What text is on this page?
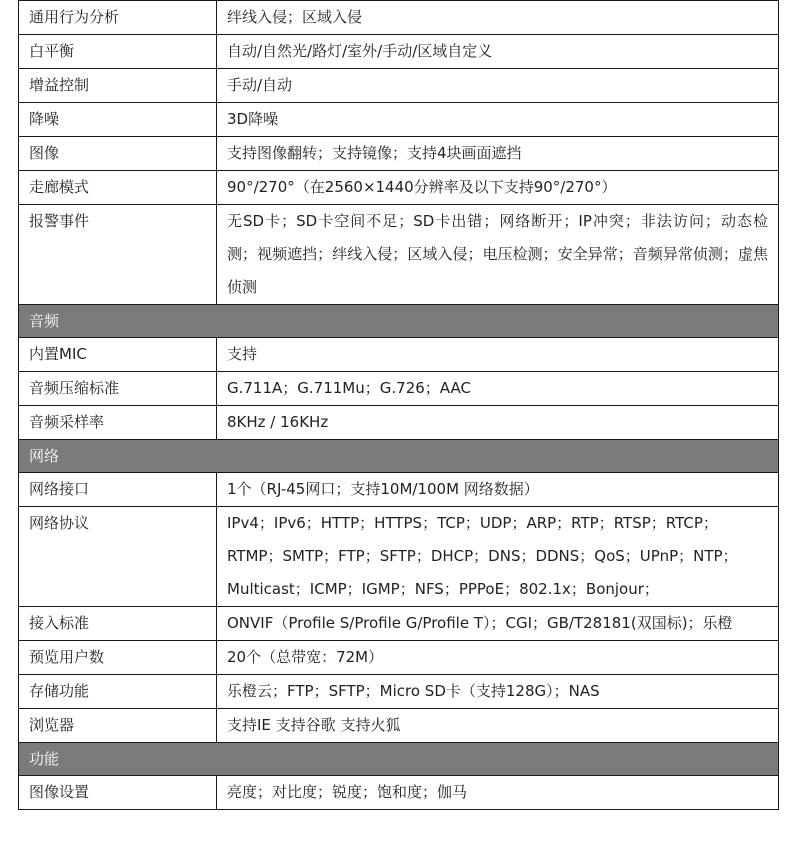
通用行为分析	绊线入侵；区域入侵
白平衡	自动/自然光/路灯/室外/手动/区域自定义
增益控制	手动/自动
降噪	3D降噪
图像	支持图像翻转；支持镜像；支持4块画面遮挡
走廊模式	90°/270°（在2560×1440分辨率及以下支持90°/270°）
报警事件	无SD卡；SD卡空间不足；SD卡出错；网络断开；IP冲突；非法访问；动态检测；视频遮挡；绊线入侵；区域入侵；电压检测；安全异常；音频异常侦测；虚焦侦测
音频	
内置MIC	支持
音频压缩标准	G.711A；G.711Mu；G.726；AAC
音频采样率	8KHz / 16KHz
网络	
网络接口	1个（RJ-45网口；支持10M/100M 网络数据）
网络协议	IPv4；IPv6；HTTP；HTTPS；TCP；UDP；ARP；RTP；RTSP；RTCP；RTMP；SMTP；FTP；SFTP；DHCP；DNS；DDNS；QoS；UPnP；NTP；Multicast；ICMP；IGMP；NFS；PPPoE；802.1x；Bonjour；
接入标准	ONVIF（Profile S/Profile G/Profile T）；CGI；GB/T28181(双国标)；乐橙
预览用户数	20个（总带宽：72M）
存储功能	乐橙云；FTP；SFTP；Micro SD卡（支持128G）；NAS
浏览器	支持IE 支持谷歌 支持火狐
功能	
图像设置	亮度；对比度；锐度；饱和度；伽马
